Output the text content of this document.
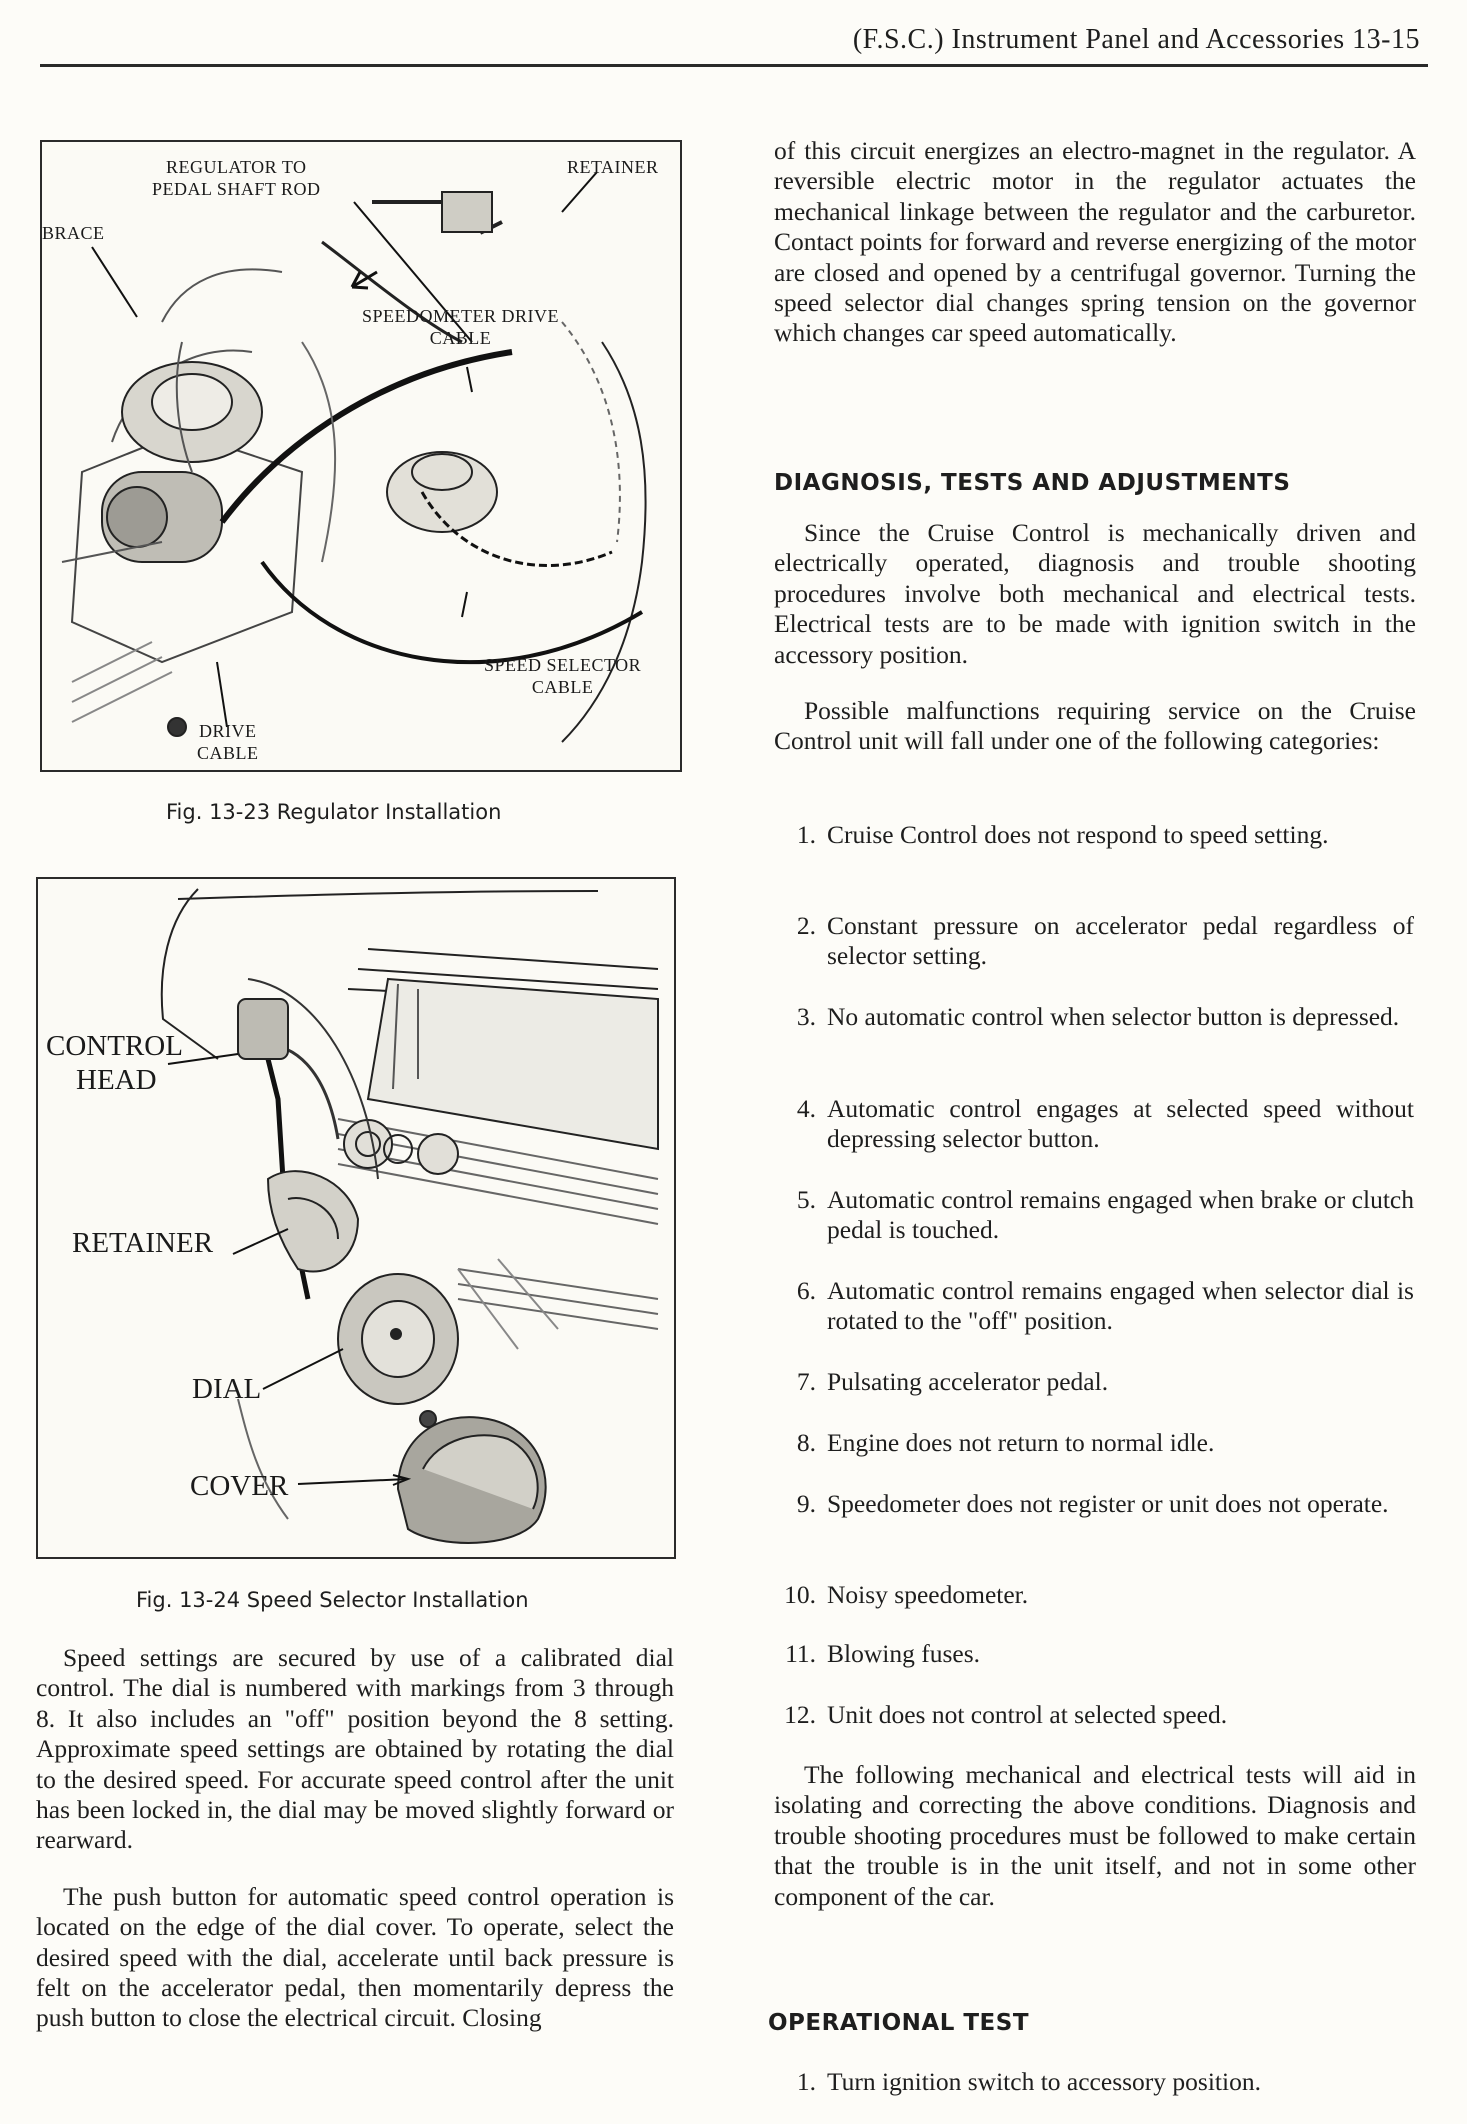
(F.S.C.) Instrument Panel and Accessories 13-15
REGULATOR TO
PEDAL SHAFT ROD
RETAINER
BRACE
SPEEDOMETER DRIVE
CABLE
SPEED SELECTOR
CABLE
DRIVE
CABLE
Fig. 13-23 Regulator Installation
CONTROL
HEAD
RETAINER
DIAL
COVER
Fig. 13-24 Speed Selector Installation

Speed settings are secured by use of a calibrated dial control. The dial is numbered with markings from 3 through 8. It also includes an "off" position beyond the 8 setting. Approximate speed settings are obtained by rotating the dial to the desired speed. For accurate speed control after the unit has been locked in, the dial may be moved slightly forward or rearward.

The push button for automatic speed control operation is located on the edge of the dial cover. To operate, select the desired speed with the dial, accelerate until back pressure is felt on the accelerator pedal, then momentarily depress the push button to close the electrical circuit. Closing

of this circuit energizes an electro-magnet in the regulator. A reversible electric motor in the regulator actuates the mechanical linkage between the regulator and the carburetor. Contact points for forward and reverse energizing of the motor are closed and opened by a centrifugal governor. Turning the speed selector dial changes spring tension on the governor which changes car speed automatically.

DIAGNOSIS, TESTS AND ADJUSTMENTS

Since the Cruise Control is mechanically driven and electrically operated, diagnosis and trouble shooting procedures involve both mechanical and electrical tests. Electrical tests are to be made with ignition switch in the accessory position.

Possible malfunctions requiring service on the Cruise Control unit will fall under one of the following categories:

1. Cruise Control does not respond to speed setting.
2. Constant pressure on accelerator pedal regardless of selector setting.
3. No automatic control when selector button is depressed.
4. Automatic control engages at selected speed without depressing selector button.
5. Automatic control remains engaged when brake or clutch pedal is touched.
6. Automatic control remains engaged when selector dial is rotated to the "off" position.
7. Pulsating accelerator pedal.
8. Engine does not return to normal idle.
9. Speedometer does not register or unit does not operate.
10. Noisy speedometer.
11. Blowing fuses.
12. Unit does not control at selected speed.

The following mechanical and electrical tests will aid in isolating and correcting the above conditions. Diagnosis and trouble shooting procedures must be followed to make certain that the trouble is in the unit itself, and not in some other component of the car.

OPERATIONAL TEST
1. Turn ignition switch to accessory position.
